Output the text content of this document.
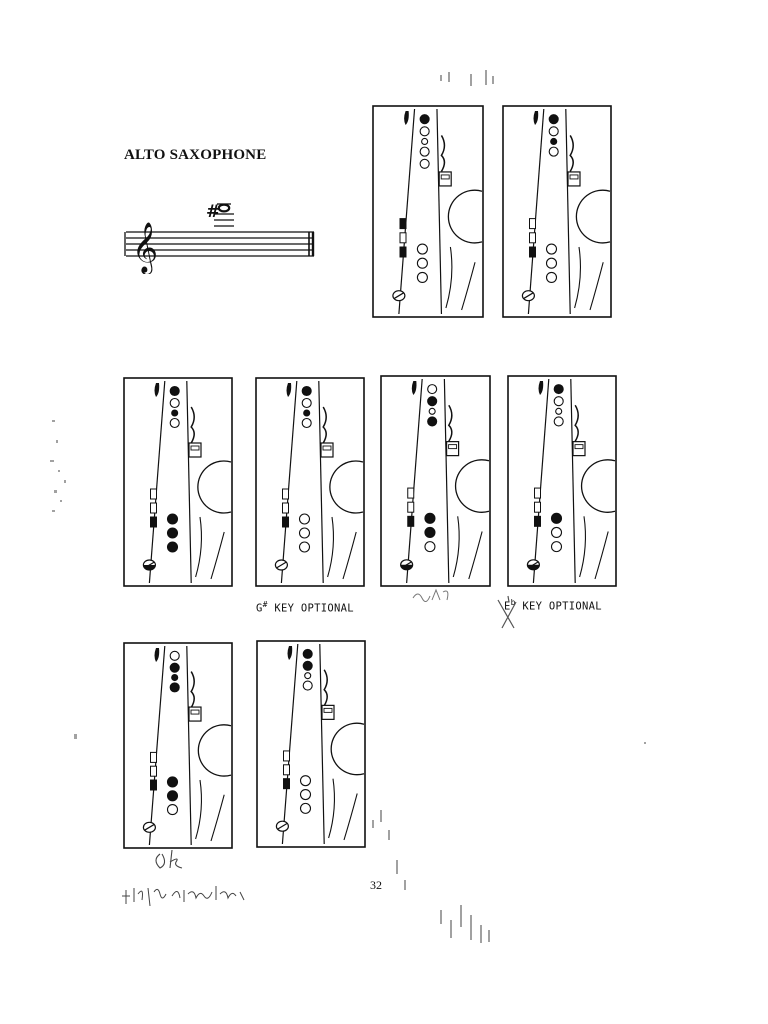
ALTO SAXOPHONE
𝄞
#
G# KEY OPTIONAL	$E^b$ KEY OPTIONAL
32
